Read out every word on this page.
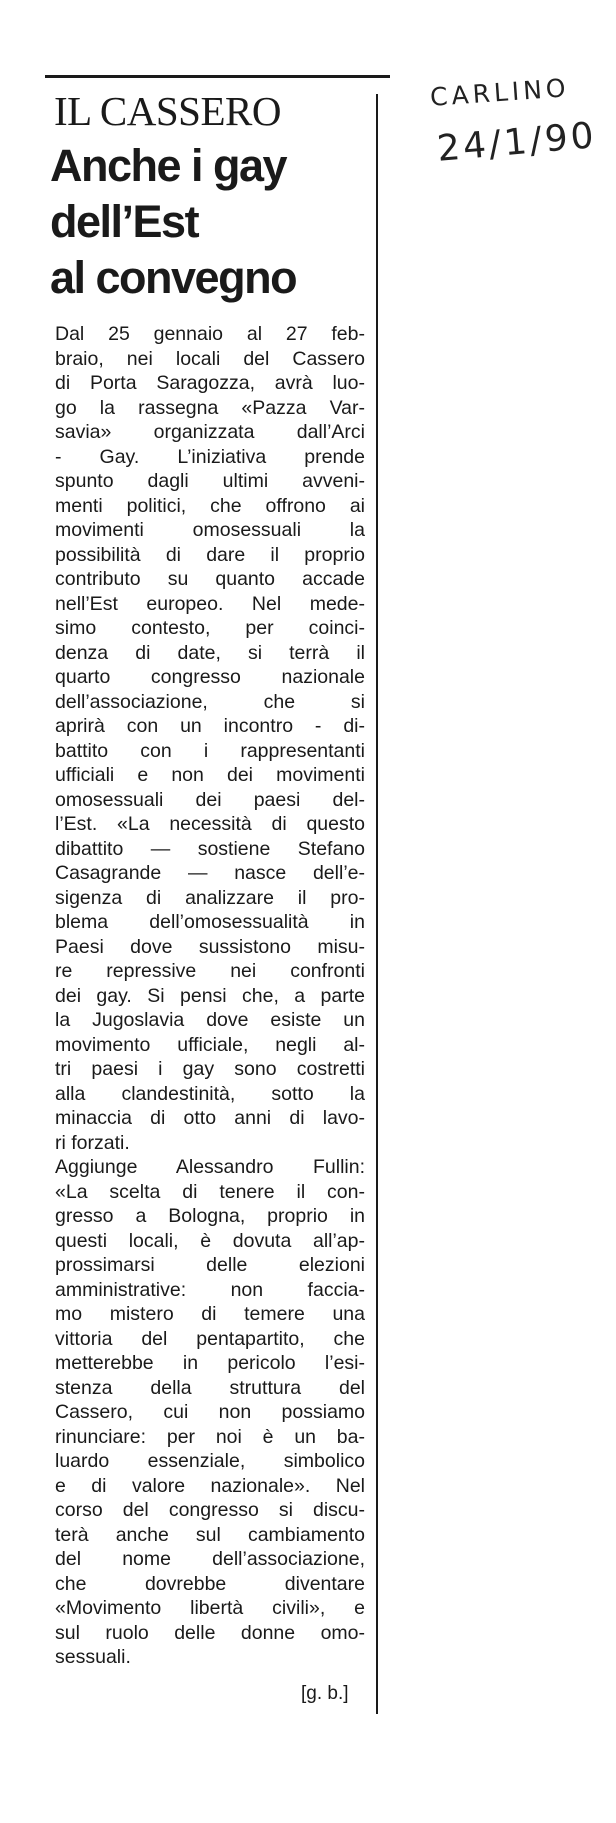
IL CASSERO
Anche i gay
dell’Est
al convegno
Dal 25 gennaio al 27 feb-
braio, nei locali del Cassero
di Porta Saragozza, avrà luo-
go la rassegna «Pazza Var-
savia» organizzata dall’Arci
- Gay. L’iniziativa prende
spunto dagli ultimi avveni-
menti politici, che offrono ai
movimenti omosessuali la
possibilità di dare il proprio
contributo su quanto accade
nell’Est europeo. Nel mede-
simo contesto, per coinci-
denza di date, si terrà il
quarto congresso nazionale
dell’associazione, che si
aprirà con un incontro - di-
battito con i rappresentanti
ufficiali e non dei movimenti
omosessuali dei paesi del-
l’Est. «La necessità di questo
dibattito — sostiene Stefano
Casagrande — nasce dell’e-
sigenza di analizzare il pro-
blema dell’omosessualità in
Paesi dove sussistono misu-
re repressive nei confronti
dei gay. Si pensi che, a parte
la Jugoslavia dove esiste un
movimento ufficiale, negli al-
tri paesi i gay sono costretti
alla clandestinità, sotto la
minaccia di otto anni di lavo-
ri forzati.
Aggiunge Alessandro Fullin:
«La scelta di tenere il con-
gresso a Bologna, proprio in
questi locali, è dovuta all’ap-
prossimarsi delle elezioni
amministrative: non faccia-
mo mistero di temere una
vittoria del pentapartito, che
metterebbe in pericolo l’esi-
stenza della struttura del
Cassero, cui non possiamo
rinunciare: per noi è un ba-
luardo essenziale, simbolico
e di valore nazionale». Nel
corso del congresso si discu-
terà anche sul cambiamento
del nome dell’associazione,
che dovrebbe diventare
«Movimento libertà civili», e
sul ruolo delle donne omo-
sessuali.
[g. b.]
CARLINO
24/1/90
